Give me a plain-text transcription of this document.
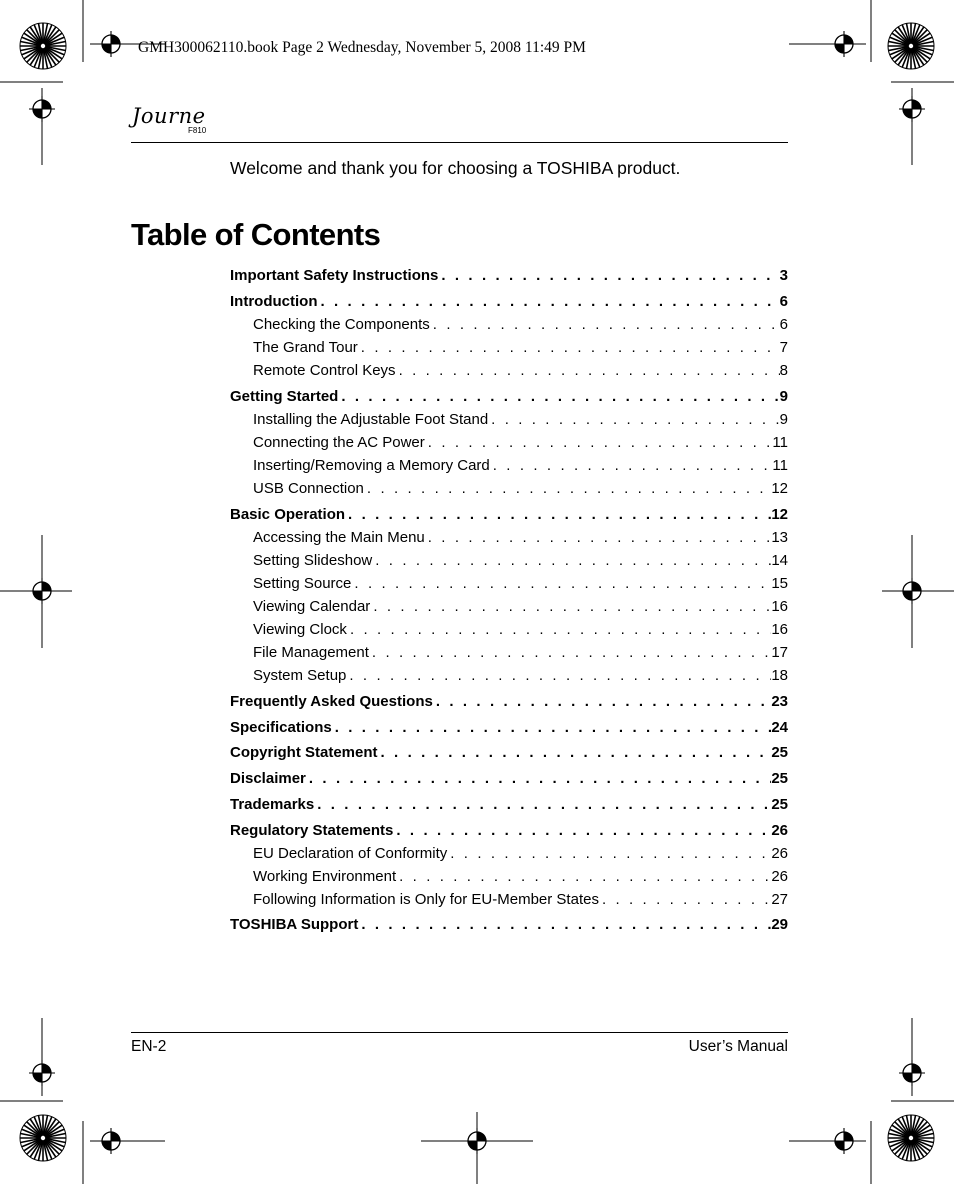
GMH300062110.book Page 2 Wednesday, November 5, 2008 11:49 PM
Journe
F810
Welcome and thank you for choosing a TOSHIBA product.
Table of Contents
Important Safety Instructions . . .	3
Introduction . . .	6
Checking the Components . . .	6
The Grand Tour . . .	7
Remote Control Keys . . .	8
Getting Started . . .	9
Installing the Adjustable Foot Stand . . .	9
Connecting the AC Power . . .	11
Inserting/Removing a Memory Card . . .	11
USB Connection . . .	12
Basic Operation . . .	12
Accessing the Main Menu . . .	13
Setting Slideshow . . .	14
Setting Source . . .	15
Viewing Calendar . . .	16
Viewing Clock . . .	16
File Management . . .	17
System Setup . . .	18
Frequently Asked Questions . . .	23
Specifications . . .	24
Copyright Statement . . .	25
Disclaimer . . .	25
Trademarks . . .	25
Regulatory Statements . . .	26
EU Declaration of Conformity . . .	26
Working Environment . . .	26
Following Information is Only for EU-Member States . . .	27
TOSHIBA Support . . .	29
EN-2	User’s Manual
